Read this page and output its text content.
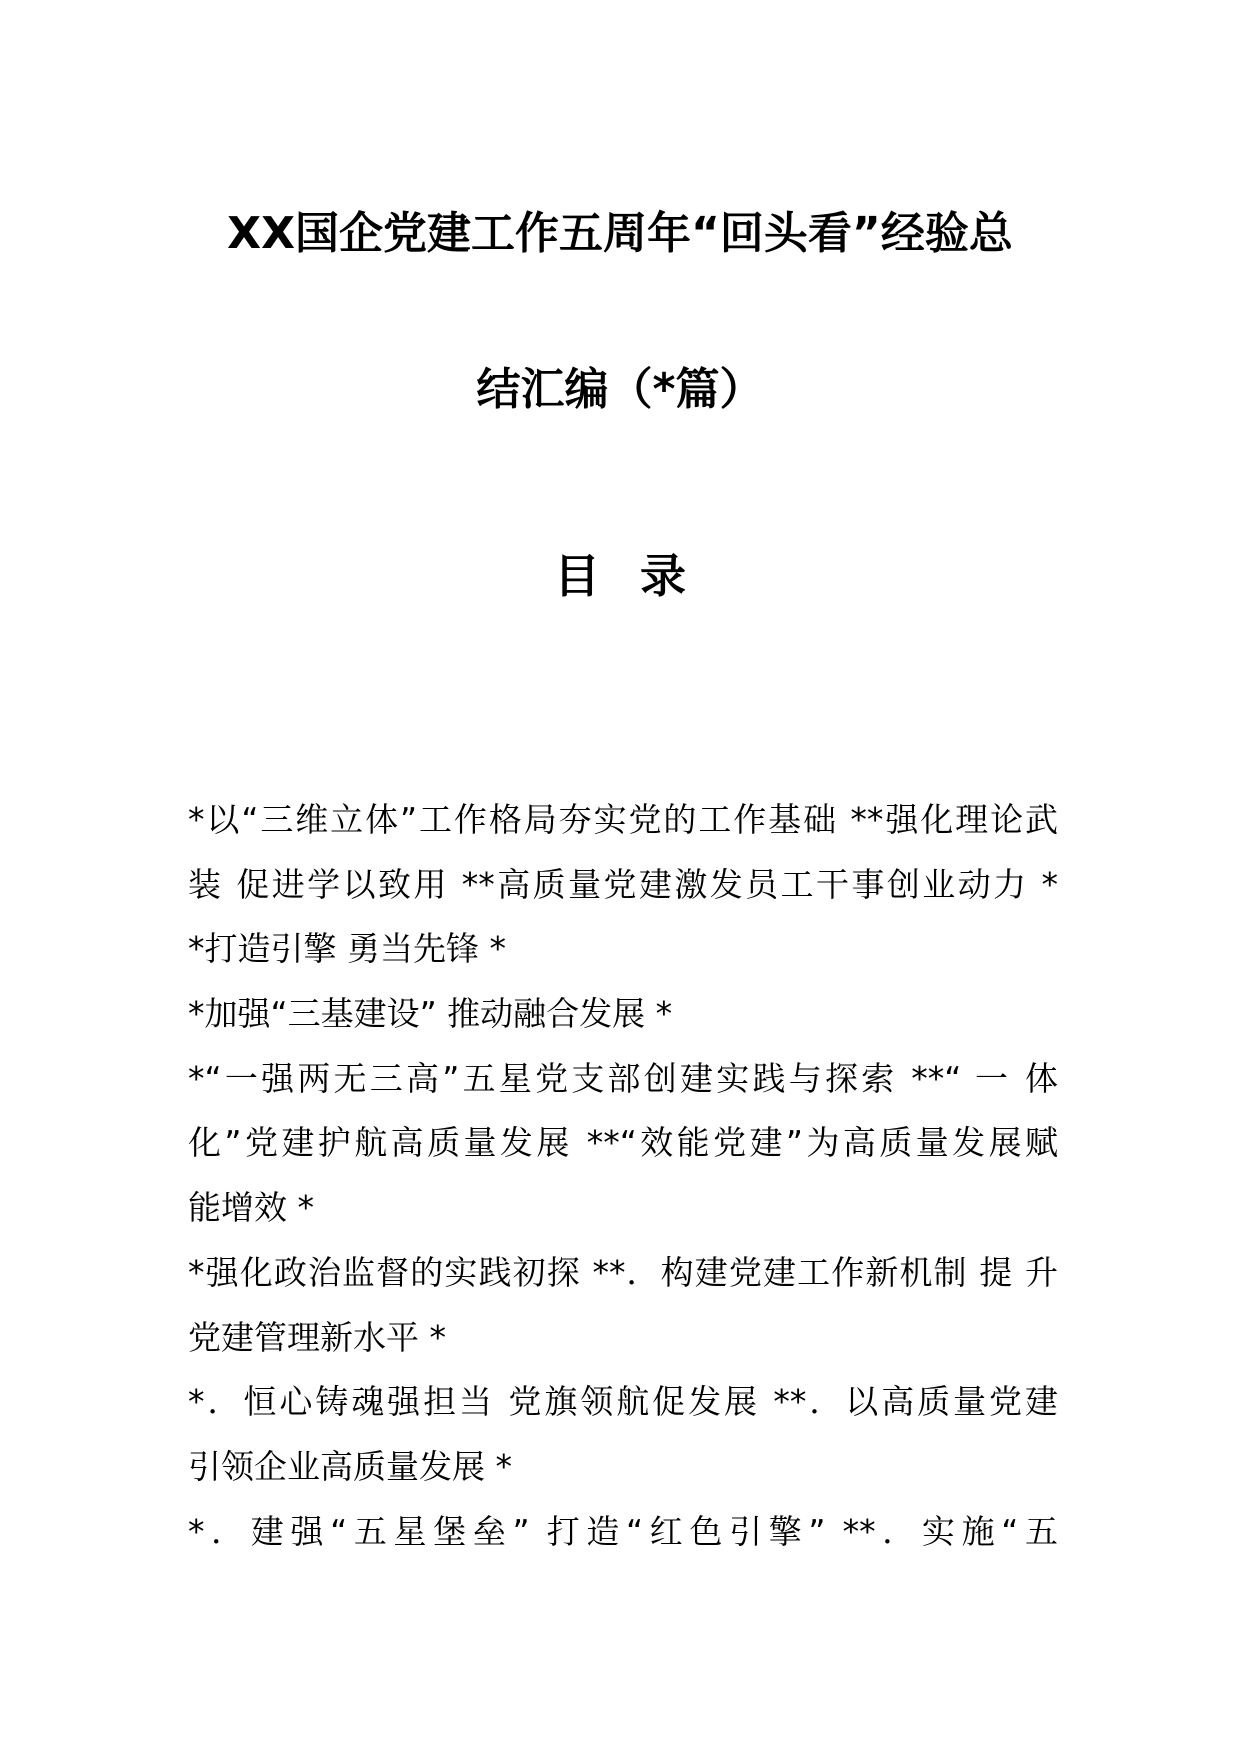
XX国企党建工作五周年“回头看”经验总
结汇编（*篇）
目录
*以“三维立体”工作格局夯实党的工作基础 **强化理论武
装 促进学以致用 **高质量党建激发员工干事创业动力 *
*打造引擎 勇当先锋 *
*加强“三基建设” 推动融合发展 *
*“一强两无三高”五星党支部创建实践与探索 **“ 一 体
化”党建护航高质量发展 **“效能党建”为高质量发展赋
能增效 *
*强化政治监督的实践初探 **．构建党建工作新机制 提 升
党建管理新水平 *
*．恒心铸魂强担当 党旗领航促发展 **．以高质量党建
引领企业高质量发展 *
*．建强“五星堡垒” 打造“红色引擎” **．实施“五
